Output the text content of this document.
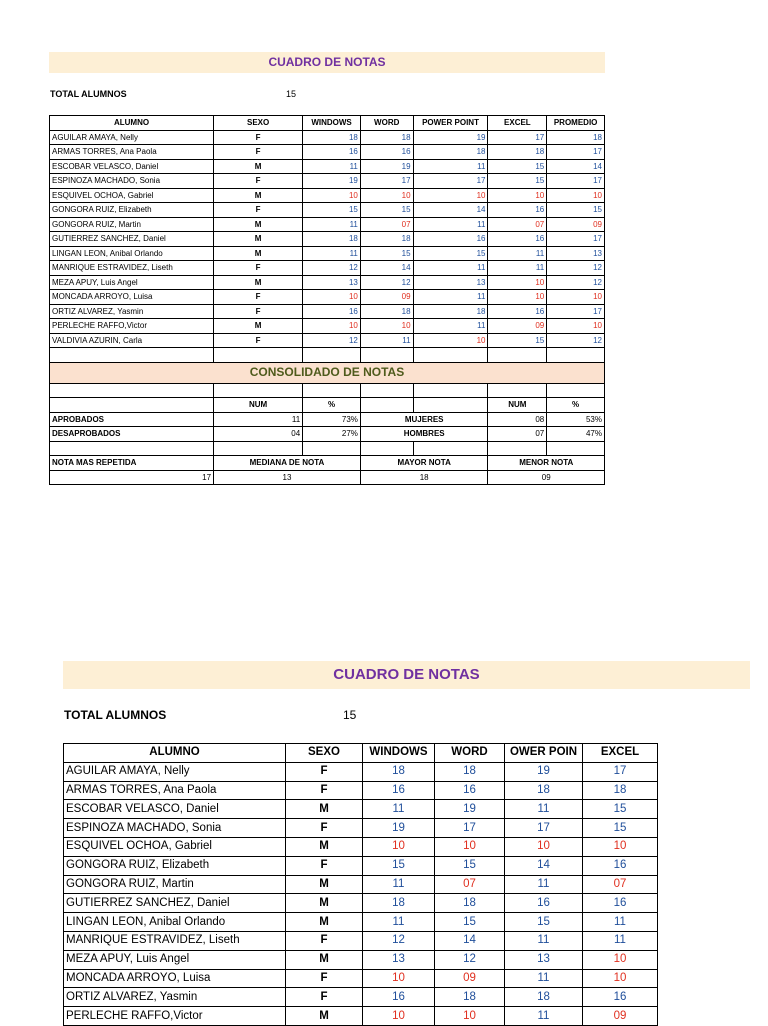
CUADRO DE NOTAS
TOTAL ALUMNOS	15
ALUMNO	SEXO	WINDOWS	WORD	POWER POINT	EXCEL	PROMEDIO
AGUILAR AMAYA, Nelly	F	18	18	19	17	18
ARMAS TORRES, Ana Paola	F	16	16	18	18	17
ESCOBAR VELASCO, Daniel	M	11	19	11	15	14
ESPINOZA MACHADO, Sonia	F	19	17	17	15	17
ESQUIVEL OCHOA, Gabriel	M	10	10	10	10	10
GONGORA RUIZ, Elizabeth	F	15	15	14	16	15
GONGORA RUIZ, Martin	M	11	07	11	07	09
GUTIERREZ SANCHEZ, Daniel	M	18	18	16	16	17
LINGAN LEON, Anibal Orlando	M	11	15	15	11	13
MANRIQUE ESTRAVIDEZ, Liseth	F	12	14	11	11	12
MEZA APUY, Luis Angel	M	13	12	13	10	12
MONCADA ARROYO, Luisa	F	10	09	11	10	10
ORTIZ ALVAREZ, Yasmin	F	16	18	18	16	17
PERLECHE RAFFO,Victor	M	10	10	11	09	10
VALDIVIA AZURIN, Carla	F	12	11	10	15	12

CONSOLIDADO DE NOTAS						

	NUM	%			NUM	%
APROBADOS	11	73%	MUJERES		08	53%
DESAPROBADOS	04	27%	HOMBRES		07	47%

NOTA MAS REPETIDA	MEDIANA DE NOTA		MAYOR NOTA		MENOR NOTA	
17	13		18		09	
CUADRO DE NOTAS
TOTAL ALUMNOS	15
ALUMNO	SEXO	WINDOWS	WORD	OWER POIN	EXCEL
AGUILAR AMAYA, Nelly	F	18	18	19	17
ARMAS TORRES, Ana Paola	F	16	16	18	18
ESCOBAR VELASCO, Daniel	M	11	19	11	15
ESPINOZA MACHADO, Sonia	F	19	17	17	15
ESQUIVEL OCHOA, Gabriel	M	10	10	10	10
GONGORA RUIZ, Elizabeth	F	15	15	14	16
GONGORA RUIZ, Martin	M	11	07	11	07
GUTIERREZ SANCHEZ, Daniel	M	18	18	16	16
LINGAN LEON, Anibal Orlando	M	11	15	15	11
MANRIQUE ESTRAVIDEZ, Liseth	F	12	14	11	11
MEZA APUY, Luis Angel	M	13	12	13	10
MONCADA ARROYO, Luisa	F	10	09	11	10
ORTIZ ALVAREZ, Yasmin	F	16	18	18	16
PERLECHE RAFFO,Victor	M	10	10	11	09
